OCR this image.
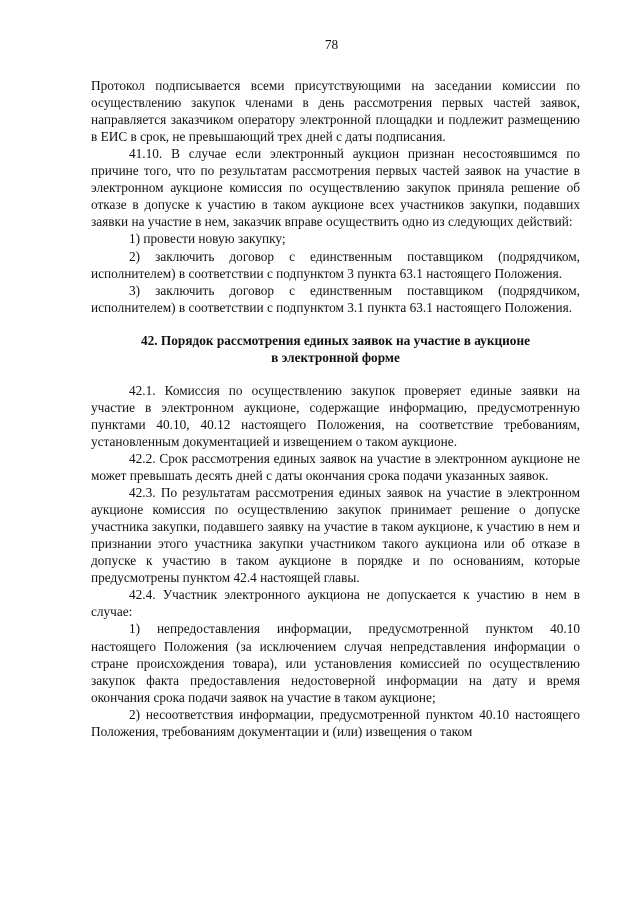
78

Протокол подписывается всеми присутствующими на заседании комиссии по осуществлению закупок членами в день рассмотрения первых частей заявок, направляется заказчиком оператору электронной площадки и подлежит размещению в ЕИС в срок, не превышающий трех дней с даты подписания.

41.10. В случае если электронный аукцион признан несостоявшимся по причине того, что по результатам рассмотрения первых частей заявок на участие в электронном аукционе комиссия по осуществлению закупок приняла решение об отказе в допуске к участию в таком аукционе всех участников закупки, подавших заявки на участие в нем, заказчик вправе осуществить одно из следующих действий:

1) провести новую закупку;

2) заключить договор с единственным поставщиком (подрядчиком, исполнителем) в соответствии с подпунктом 3 пункта 63.1 настоящего Положения.

3) заключить договор с единственным поставщиком (подрядчиком, исполнителем) в соответствии с подпунктом 3.1 пункта 63.1 настоящего Положения.

42. Порядок рассмотрения единых заявок на участие в аукционе
в электронной форме

42.1. Комиссия по осуществлению закупок проверяет единые заявки на участие в электронном аукционе, содержащие информацию, предусмотренную пунктами 40.10, 40.12 настоящего Положения, на соответствие требованиям, установленным документацией и извещением о таком аукционе.

42.2. Срок рассмотрения единых заявок на участие в электронном аукционе не может превышать десять дней с даты окончания срока подачи указанных заявок.

42.3. По результатам рассмотрения единых заявок на участие в электронном аукционе комиссия по осуществлению закупок принимает решение о допуске участника закупки, подавшего заявку на участие в таком аукционе, к участию в нем и признании этого участника закупки участником такого аукциона или об отказе в допуске к участию в таком аукционе в порядке и по основаниям, которые предусмотрены пунктом 42.4 настоящей главы.

42.4. Участник электронного аукциона не допускается к участию в нем в случае:

1) непредоставления информации, предусмотренной пунктом 40.10 настоящего Положения (за исключением случая непредставления информации о стране происхождения товара), или установления комиссией по осуществлению закупок факта предоставления недостоверной информации на дату и время окончания срока подачи заявок на участие в таком аукционе;

2) несоответствия информации, предусмотренной пунктом 40.10 настоящего Положения, требованиям документации и (или) извещения о таком
